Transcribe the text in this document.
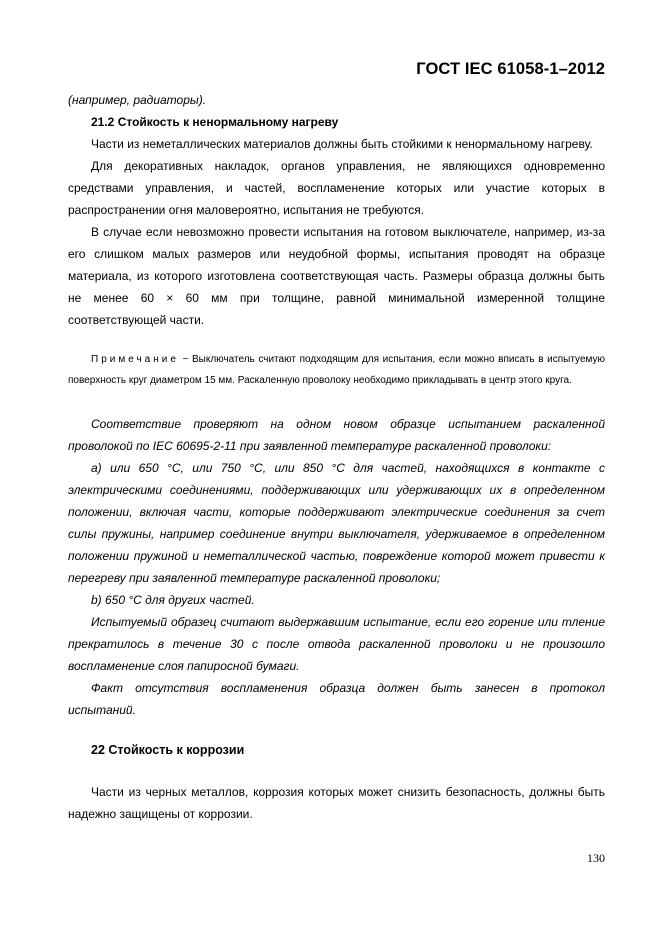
ГОСТ IEC 61058-1–2012

(например, радиаторы).

21.2 Стойкость к ненормальному нагреву

Части из неметаллических материалов должны быть стойкими к ненормальному нагреву.

Для декоративных накладок, органов управления, не являющихся одновременно средствами управления, и частей, воспламенение которых или участие которых в распространении огня маловероятно, испытания не требуются.

В случае если невозможно провести испытания на готовом выключателе, например, из-за его слишком малых размеров или неудобной формы, испытания проводят на образце материала, из которого изготовлена соответствующая часть. Размеры образца должны быть не менее 60 × 60 мм при толщине, равной минимальной измеренной толщине соответствующей части.

Примечание − Выключатель считают подходящим для испытания, если можно вписать в испытуемую поверхность круг диаметром 15 мм. Раскаленную проволоку необходимо прикладывать в центр этого круга.

Соответствие проверяют на одном новом образце испытанием раскаленной проволокой по IEC 60695-2-11 при заявленной температуре раскаленной проволоки:

a) или 650 °С, или 750 °С, или 850 °С для частей, находящихся в контакте с электрическими соединениями, поддерживающих или удерживающих их в определенном положении, включая части, которые поддерживают электрические соединения за счет силы пружины, например соединение внутри выключателя, удерживаемое в определенном положении пружиной и неметаллической частью, повреждение которой может привести к перегреву при заявленной температуре раскаленной проволоки;

b) 650 °С для других частей.

Испытуемый образец считают выдержавшим испытание, если его горение или тление прекратилось в течение 30 с после отвода раскаленной проволоки и не произошло воспламенение слоя папиросной бумаги.

Факт отсутствия воспламенения образца должен быть занесен в протокол испытаний.

22 Стойкость к коррозии

Части из черных металлов, коррозия которых может снизить безопасность, должны быть надежно защищены от коррозии.

130
